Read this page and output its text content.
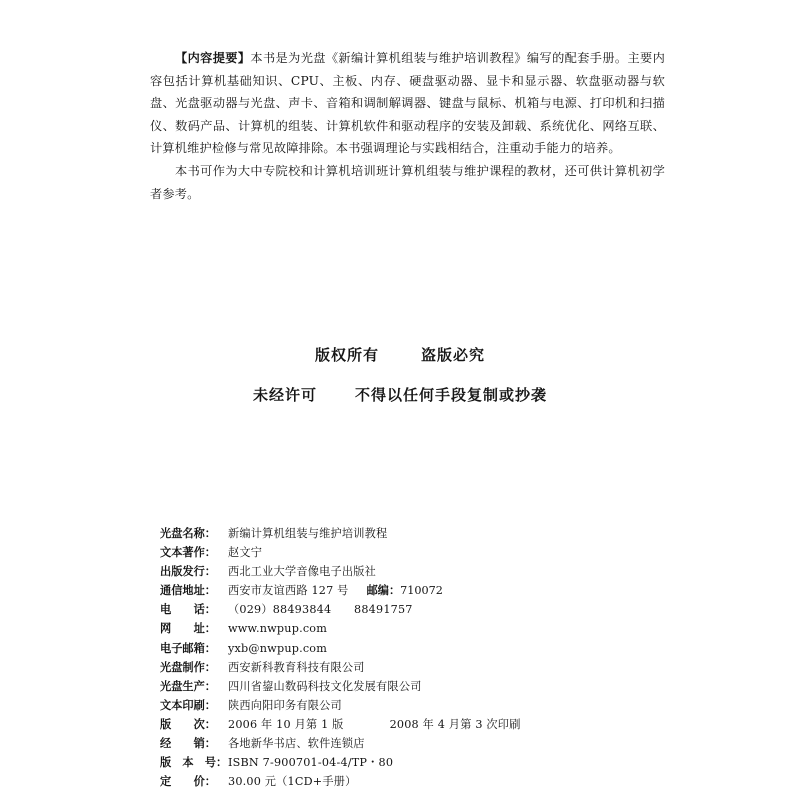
【内容提要】本书是为光盘《新编计算机组装与维护培训教程》编写的配套手册。主要内容包括计算机基础知识、CPU、主板、内存、硬盘驱动器、显卡和显示器、软盘驱动器与软盘、光盘驱动器与光盘、声卡、音箱和调制解调器、键盘与鼠标、机箱与电源、打印机和扫描仪、数码产品、计算机的组装、计算机软件和驱动程序的安装及卸载、系统优化、网络互联、计算机维护检修与常见故障排除。本书强调理论与实践相结合，注重动手能力的培养。

本书可作为大中专院校和计算机培训班计算机组装与维护课程的教材，还可供计算机初学者参考。

版权所有	盗版必究
未经许可	不得以任何手段复制或抄袭
光盘名称：	新编计算机组装与维护培训教程
文本著作：	赵文宁
出版发行：	西北工业大学音像电子出版社
通信地址：	西安市友谊西路 127 号 邮编：710072
电　　话：	（029）88493844　　88491757
网　　址：	www.nwpup.com
电子邮箱：	yxb@nwpup.com
光盘制作：	西安新科教育科技有限公司
光盘生产：	四川省鋆山数码科技文化发展有限公司
文本印刷：	陕西向阳印务有限公司
版　　次：	2006 年 10 月第 1 版	2008 年 4 月第 3 次印刷
经　　销：	各地新华书店、软件连锁店
版　本　号： ISBN 7-900701-04-4/TP・80
定　　价：	30.00 元（1CD+手册）
